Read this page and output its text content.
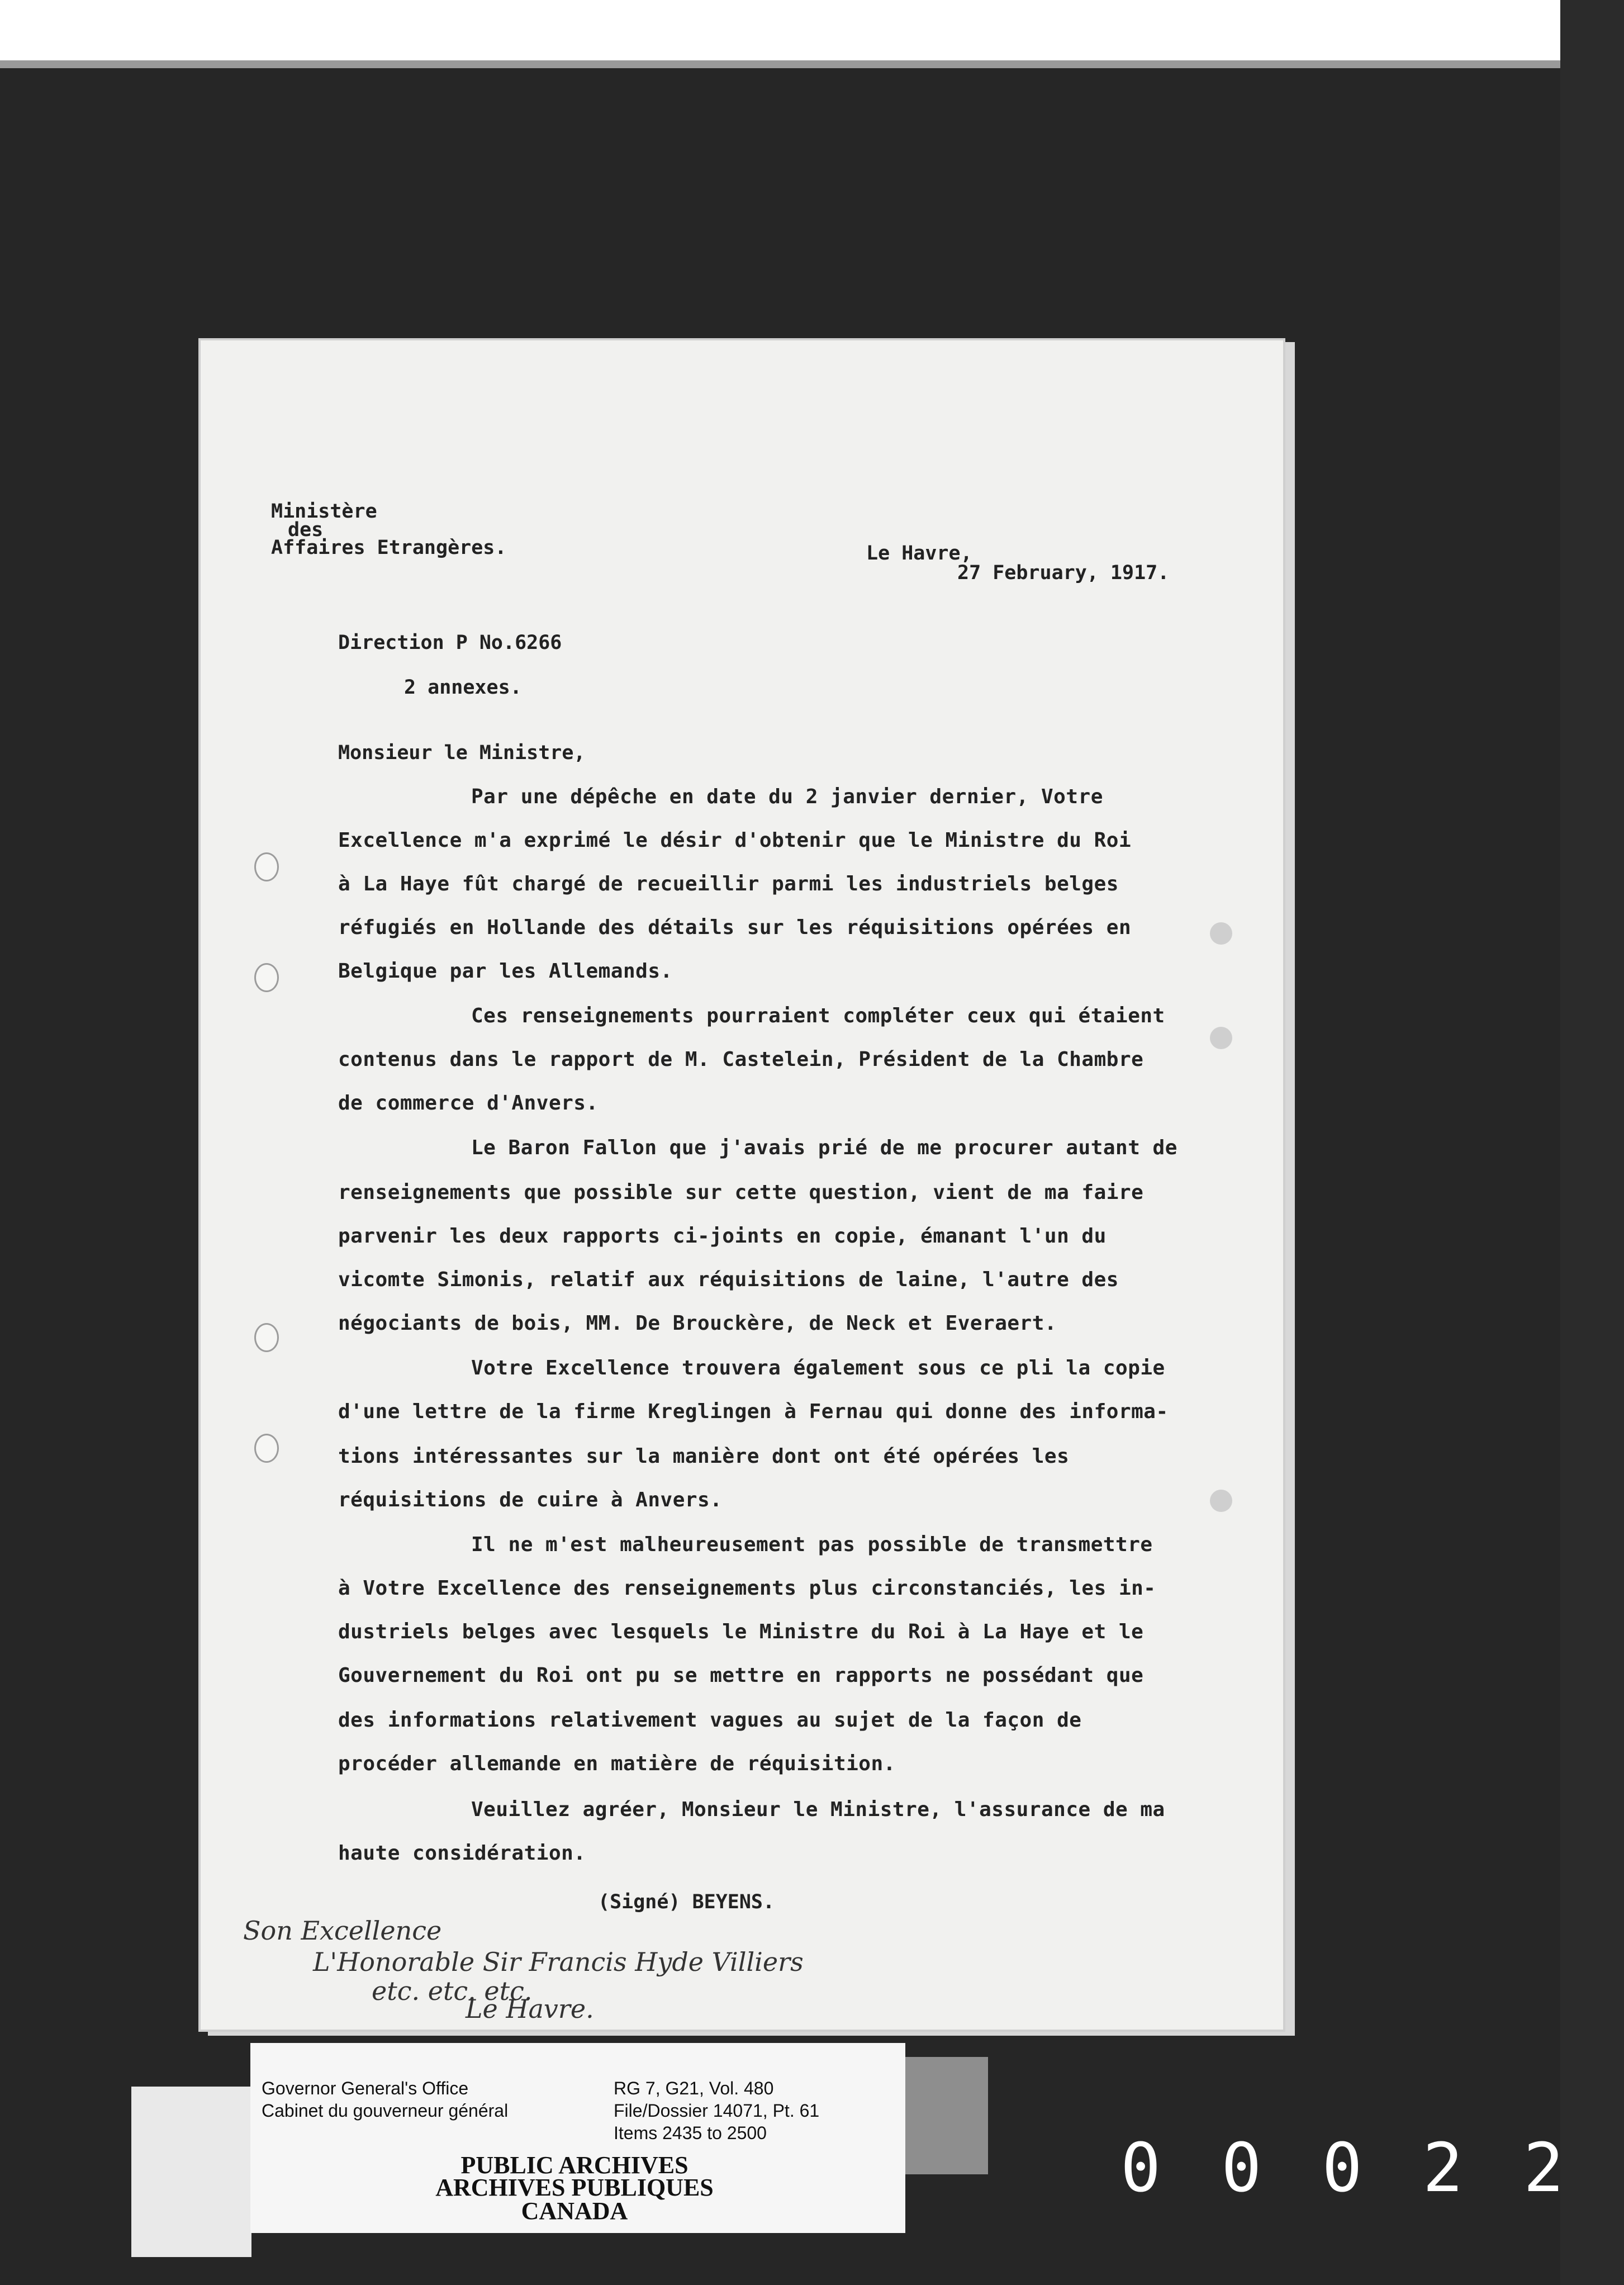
Ministère
des
Affaires Etrangères.	Le Havre,
27 February, 1917.
Direction P No.6266
2 annexes.
Monsieur le Ministre,
Par une dépêche en date du 2 janvier dernier, Votre
Excellence m'a exprimé le désir d'obtenir que le Ministre du Roi
à La Haye fût chargé de recueillir parmi les industriels belges
réfugiés en Hollande des détails sur les réquisitions opérées en
Belgique par les Allemands.
Ces renseignements pourraient compléter ceux qui étaient
contenus dans le rapport de M. Castelein, Président de la Chambre
de commerce d'Anvers.
Le Baron Fallon que j'avais prié de me procurer autant de
renseignements que possible sur cette question, vient de ma faire
parvenir les deux rapports ci-joints en copie, émanant l'un du
vicomte Simonis, relatif aux réquisitions de laine, l'autre des
négociants de bois, MM. De Brouckère, de Neck et Everaert.
Votre Excellence trouvera également sous ce pli la copie
d'une lettre de la firme Kreglingen à Fernau qui donne des informa-
tions intéressantes sur la manière dont ont été opérées les
réquisitions de cuire à Anvers.
Il ne m'est malheureusement pas possible de transmettre
à Votre Excellence des renseignements plus circonstanciés, les in-
dustriels belges avec lesquels le Ministre du Roi à La Haye et le
Gouvernement du Roi ont pu se mettre en rapports ne possédant que
des informations relativement vagues au sujet de la façon de
procéder allemande en matière de réquisition.
Veuillez agréer, Monsieur le Ministre, l'assurance de ma
haute considération.
(Signé) BEYENS.
Son Excellence
L'Honorable Sir Francis Hyde Villiers
etc. etc. etc.
Le Havre.
Governor General's Office
Cabinet du gouverneur général
RG 7, G21, Vol. 480
File/Dossier 14071, Pt. 61
Items 2435 to 2500
PUBLIC ARCHIVES
ARCHIVES PUBLIQUES
CANADA
00022
